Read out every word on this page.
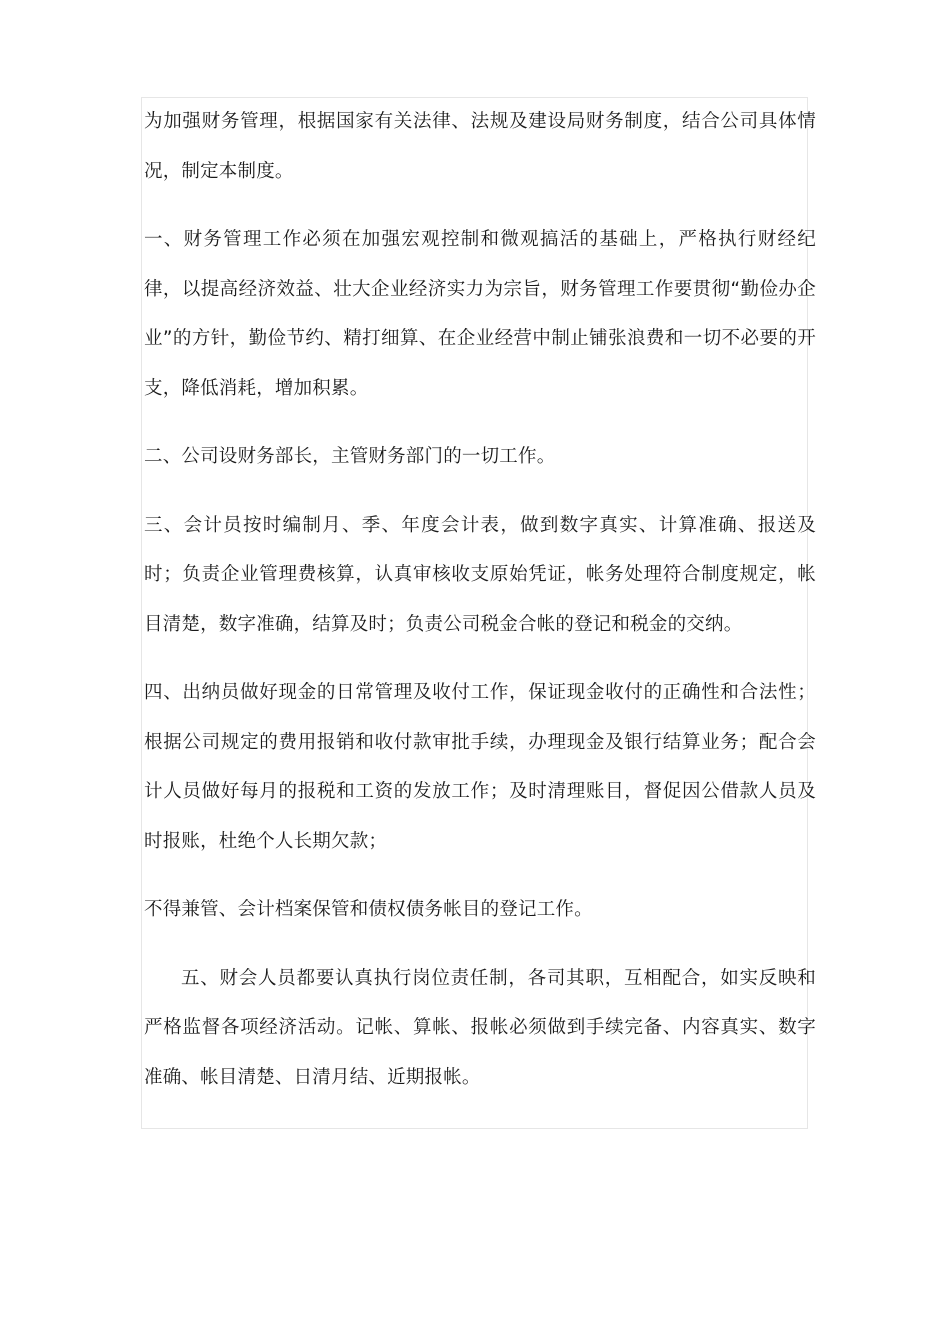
为加强财务管理，根据国家有关法律、法规及建设局财务制度，结合公司具体情况，制定本制度。

一、财务管理工作必须在加强宏观控制和微观搞活的基础上，严格执行财经纪律，以提高经济效益、壮大企业经济实力为宗旨，财务管理工作要贯彻“勤俭办企业”的方针，勤俭节约、精打细算、在企业经营中制止铺张浪费和一切不必要的开支，降低消耗，增加积累。

二、公司设财务部长，主管财务部门的一切工作。

三、会计员按时编制月、季、年度会计表，做到数字真实、计算准确、报送及时；负责企业管理费核算，认真审核收支原始凭证，帐务处理符合制度规定，帐目清楚，数字准确，结算及时；负责公司税金合帐的登记和税金的交纳。

四、出纳员做好现金的日常管理及收付工作，保证现金收付的正确性和合法性；根据公司规定的费用报销和收付款审批手续，办理现金及银行结算业务；配合会计人员做好每月的报税和工资的发放工作；及时清理账目，督促因公借款人员及时报账，杜绝个人长期欠款；

不得兼管、会计档案保管和债权债务帐目的登记工作。

五、财会人员都要认真执行岗位责任制，各司其职，互相配合，如实反映和严格监督各项经济活动。记帐、算帐、报帐必须做到手续完备、内容真实、数字准确、帐目清楚、日清月结、近期报帐。
